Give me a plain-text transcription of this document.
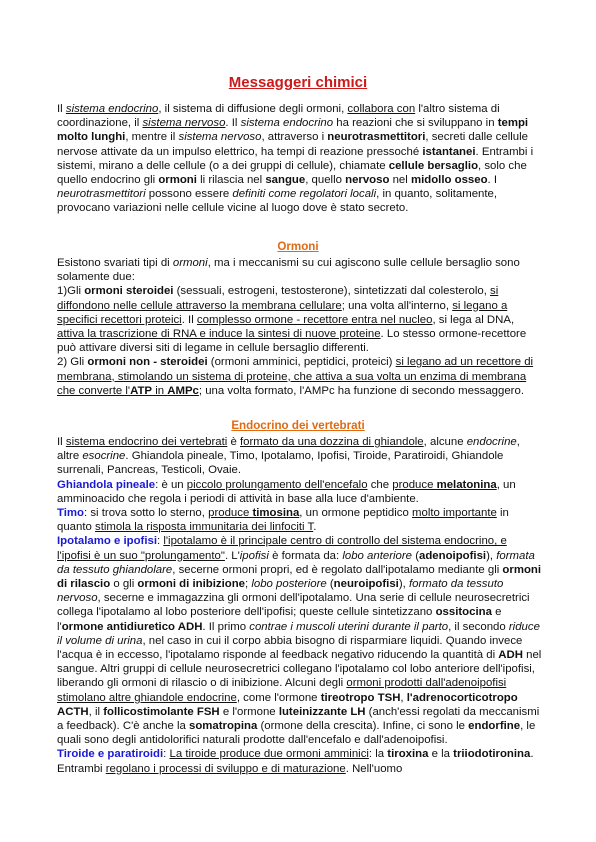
Messaggeri chimici

Il sistema endocrino, il sistema di diffusione degli ormoni, collabora con l'altro sistema di coordinazione, il sistema nervoso. Il sistema endocrino ha reazioni che si sviluppano in tempi molto lunghi, mentre il sistema nervoso, attraverso i neurotrasmettitori, secreti dalle cellule nervose attivate da un impulso elettrico, ha tempi di reazione pressoché istantanei. Entrambi i sistemi, mirano a delle cellule (o a dei gruppi di cellule), chiamate cellule bersaglio, solo che quello endocrino gli ormoni li rilascia nel sangue, quello nervoso nel midollo osseo. I neurotrasmettitori possono essere definiti come regolatori locali, in quanto, solitamente, provocano variazioni nelle cellule vicine al luogo dove è stato secreto.

Ormoni

Esistono svariati tipi di ormoni, ma i meccanismi su cui agiscono sulle cellule bersaglio sono solamente due:

1)Gli ormoni steroidei (sessuali, estrogeni, testosterone), sintetizzati dal colesterolo, si diffondono nelle cellule attraverso la membrana cellulare; una volta all'interno, si legano a specifici recettori proteici. Il complesso ormone - recettore entra nel nucleo, si lega al DNA, attiva la trascrizione di RNA e induce la sintesi di nuove proteine. Lo stesso ormone-recettore può attivare diversi siti di legame in cellule bersaglio differenti.

2) Gli ormoni non - steroidei (ormoni amminici, peptidici, proteici) si legano ad un recettore di membrana, stimolando un sistema di proteine, che attiva a sua volta un enzima di membrana che converte l'ATP in AMPc; una volta formato, l'AMPc ha funzione di secondo messaggero.

Endocrino dei vertebrati

Il sistema endocrino dei vertebrati è formato da una dozzina di ghiandole, alcune endocrine, altre esocrine. Ghiandola pineale, Timo, Ipotalamo, Ipofisi, Tiroide, Paratiroidi, Ghiandole surrenali, Pancreas, Testicoli, Ovaie.

Ghiandola pineale: è un piccolo prolungamento dell'encefalo che produce melatonina, un amminoacido che regola i periodi di attività in base alla luce d'ambiente.

Timo: si trova sotto lo sterno, produce timosina, un ormone peptidico molto importante in quanto stimola la risposta immunitaria dei linfociti T.

Ipotalamo e ipofisi: l'ipotalamo è il principale centro di controllo del sistema endocrino, e l'ipofisi è un suo "prolungamento". L'ipofisi è formata da: lobo anteriore (adenoipofisi), formata da tessuto ghiandolare, secerne ormoni propri, ed è regolato dall'ipotalamo mediante gli ormoni di rilascio o gli ormoni di inibizione; lobo posteriore (neuroipofisi), formato da tessuto nervoso, secerne e immagazzina gli ormoni dell'ipotalamo. Una serie di cellule neurosecretrici collega l'ipotalamo al lobo posteriore dell'ipofisi; queste cellule sintetizzano ossitocina e l'ormone antidiuretico ADH. Il primo contrae i muscoli uterini durante il parto, il secondo riduce il volume di urina, nel caso in cui il corpo abbia bisogno di risparmiare liquidi. Quando invece l'acqua è in eccesso, l'ipotalamo risponde al feedback negativo riducendo la quantità di ADH nel sangue. Altri gruppi di cellule neurosecretrici collegano l'ipotalamo col lobo anteriore dell'ipofisi, liberando gli ormoni di rilascio o di inibizione. Alcuni degli ormoni prodotti dall'adenoipofisi stimolano altre ghiandole endocrine, come l'ormone tireotropo TSH, l'adrenocorticotropo ACTH, il follicostimolante FSH e l'ormone luteinizzante LH (anch'essi regolati da meccanismi a feedback). C'è anche la somatropina (ormone della crescita). Infine, ci sono le endorfine, le quali sono degli antidolorifici naturali prodotte dall'encefalo e dall'adenoipofisi.

Tiroide e paratiroidi: La tiroide produce due ormoni amminici: la tiroxina e la triiodotironina. Entrambi regolano i processi di sviluppo e di maturazione. Nell'uomo
